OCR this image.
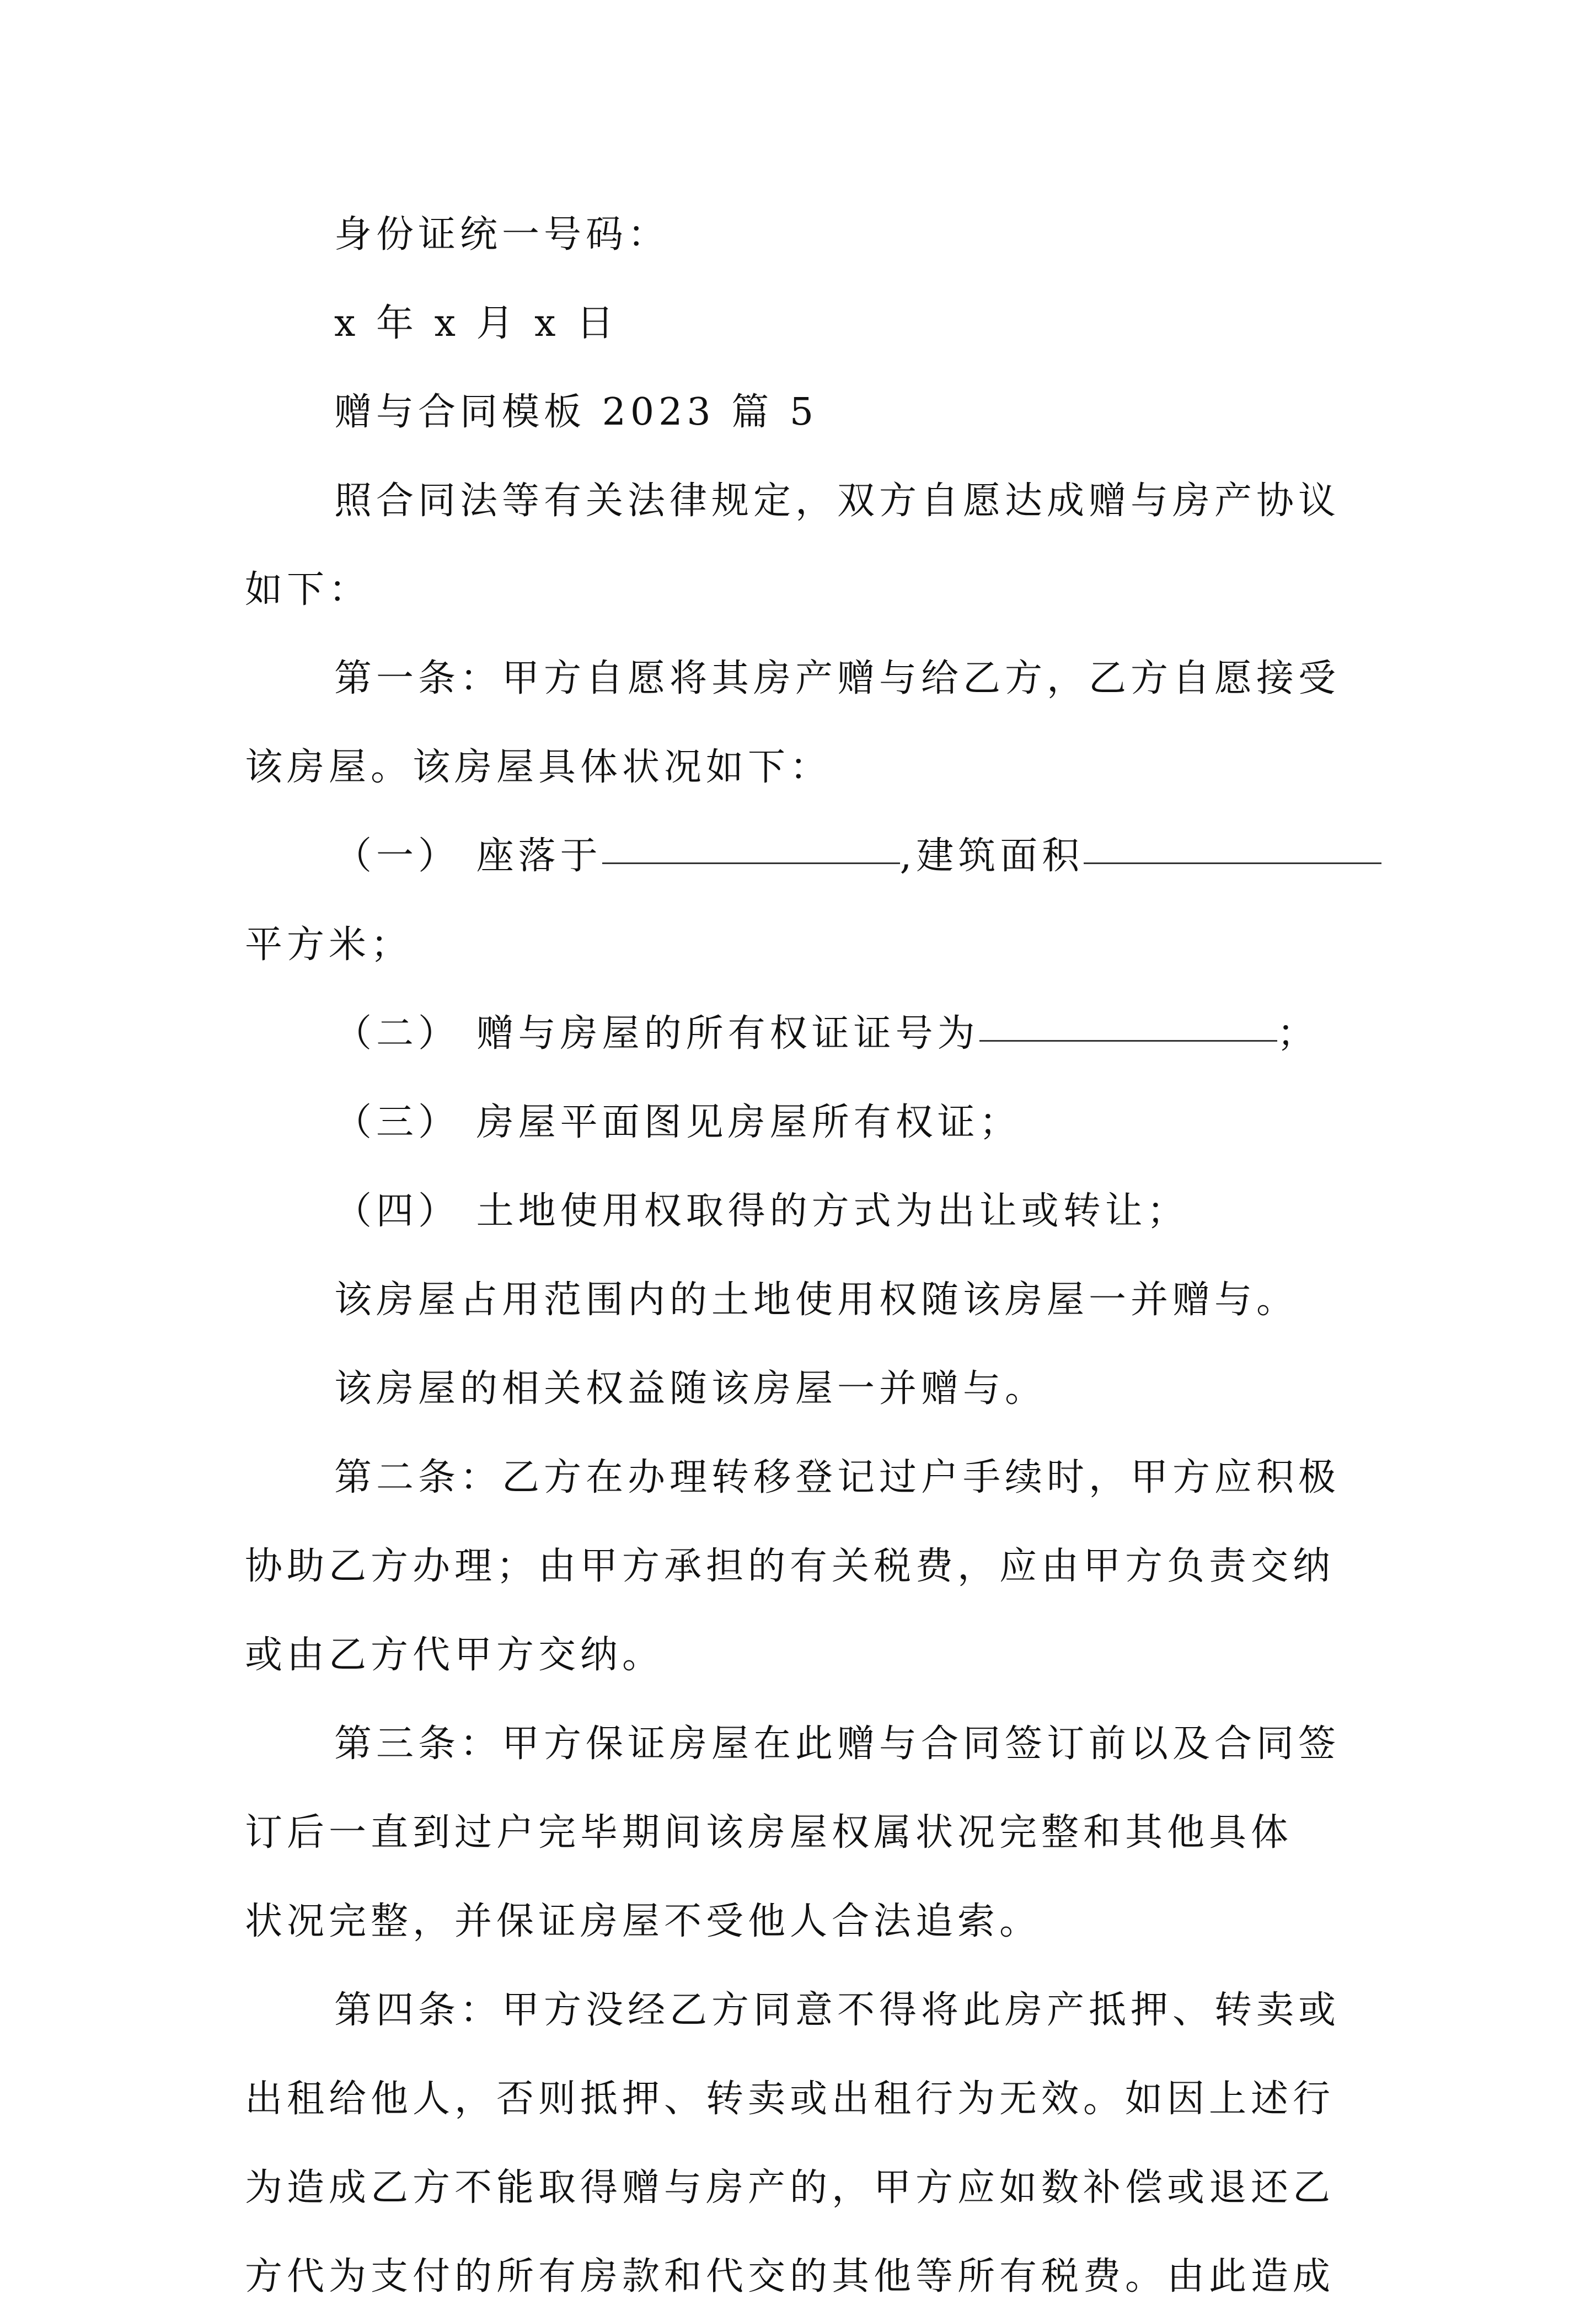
身份证统一号码：
x 年 x 月 x 日
赠与合同模板 2023 篇 5
照合同法等有关法律规定，双方自愿达成赠与房产协议
如下：
第一条：甲方自愿将其房产赠与给乙方，乙方自愿接受
该房屋。该房屋具体状况如下：
（一） 座落于	,建筑面积
平方米；
（二） 赠与房屋的所有权证证号为	；
（三） 房屋平面图见房屋所有权证；
（四） 土地使用权取得的方式为出让或转让；
该房屋占用范围内的土地使用权随该房屋一并赠与。
该房屋的相关权益随该房屋一并赠与。
第二条：乙方在办理转移登记过户手续时，甲方应积极
协助乙方办理；由甲方承担的有关税费，应由甲方负责交纳
或由乙方代甲方交纳。
第三条：甲方保证房屋在此赠与合同签订前以及合同签
订后一直到过户完毕期间该房屋权属状况完整和其他具体
状况完整，并保证房屋不受他人合法追索。
第四条：甲方没经乙方同意不得将此房产抵押、转卖或
出租给他人，否则抵押、转卖或出租行为无效。如因上述行
为造成乙方不能取得赠与房产的，甲方应如数补偿或退还乙
方代为支付的所有房款和代交的其他等所有税费。由此造成
